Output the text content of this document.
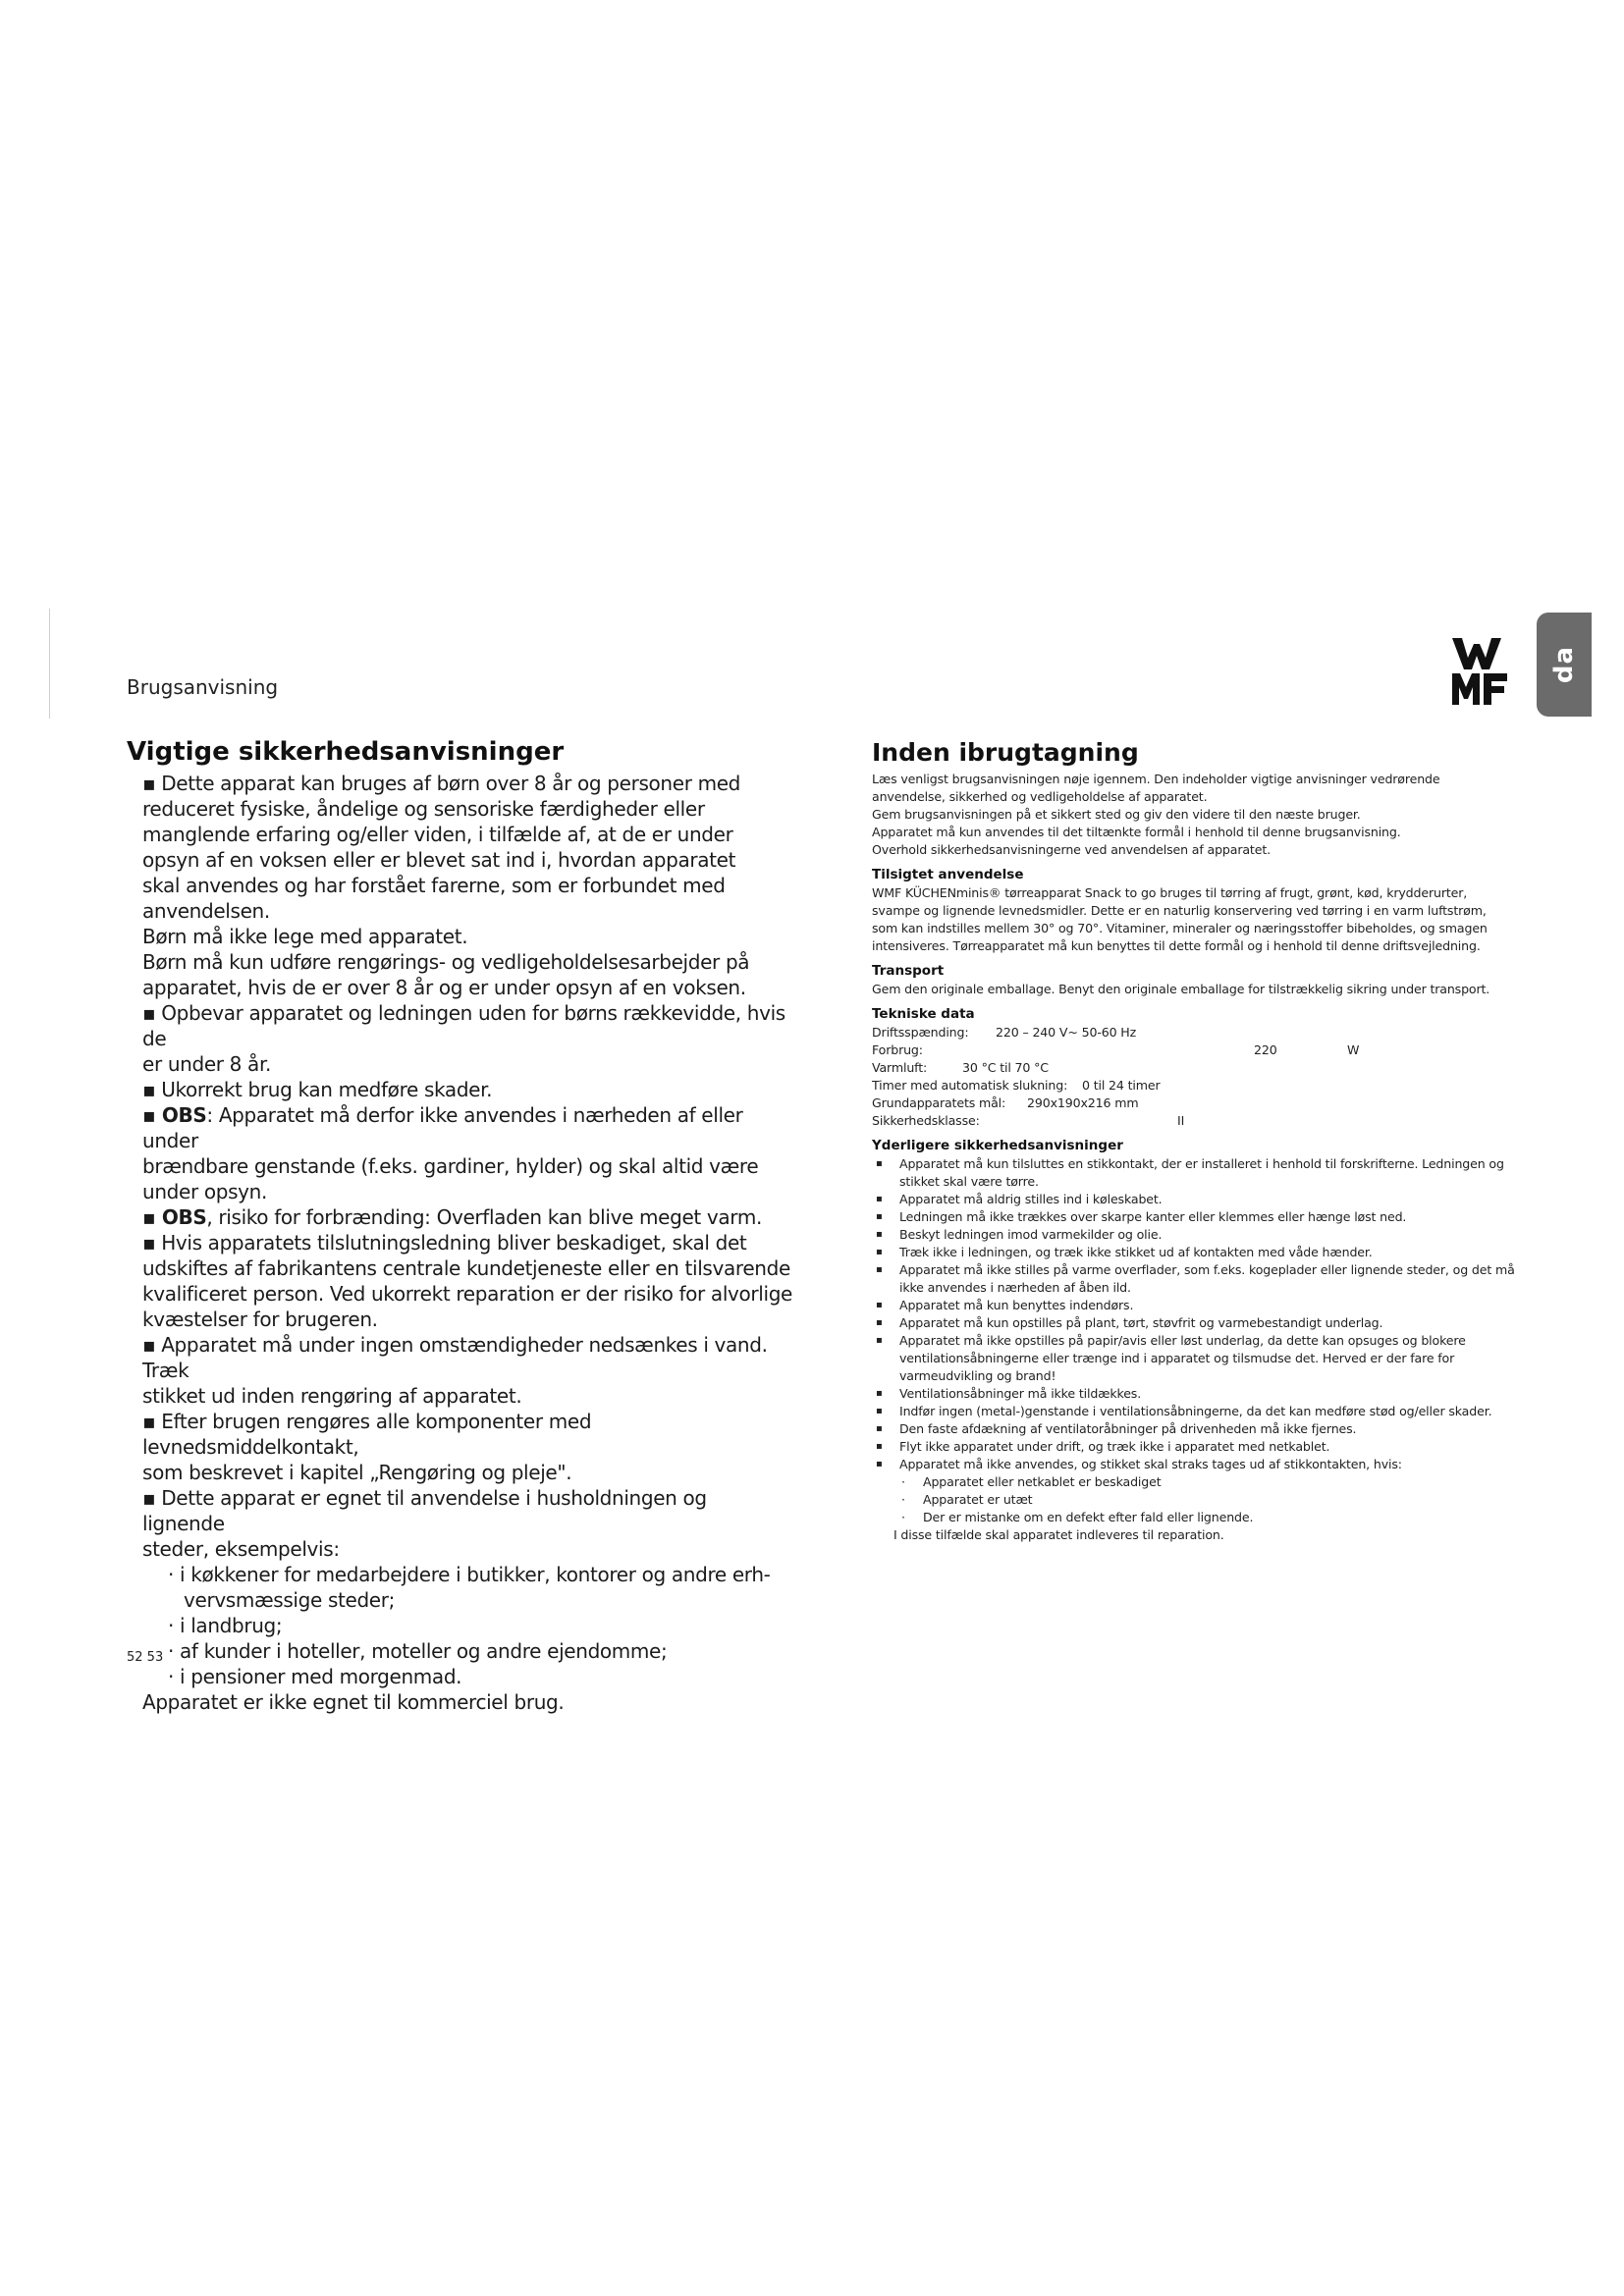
Brugsanvisning
da
Vigtige sikkerhedsanvisninger

▪ Dette apparat kan bruges af børn over 8 år og personer med

reduceret fysiske, åndelige og sensoriske færdigheder eller

manglende erfaring og/eller viden, i tilfælde af, at de er under

opsyn af en voksen eller er blevet sat ind i, hvordan apparatet

skal anvendes og har forstået farerne, som er forbundet med

anvendelsen.

Børn må ikke lege med apparatet.

Børn må kun udføre rengørings- og vedligeholdelsesarbejder på

apparatet, hvis de er over 8 år og er under opsyn af en voksen.

▪ Opbevar apparatet og ledningen uden for børns rækkevidde, hvis de

er under 8 år.

▪ Ukorrekt brug kan medføre skader.

▪ OBS: Apparatet må derfor ikke anvendes i nærheden af eller under

brændbare genstande (f.eks. gardiner, hylder) og skal altid være

under opsyn.

▪ OBS, risiko for forbrænding: Overfladen kan blive meget varm.

▪ Hvis apparatets tilslutningsledning bliver beskadiget, skal det

udskiftes af fabrikantens centrale kundetjeneste eller en tilsvarende

kvalificeret person. Ved ukorrekt reparation er der risiko for alvorlige

kvæstelser for brugeren.

▪ Apparatet må under ingen omstændigheder nedsænkes i vand. Træk

stikket ud inden rengøring af apparatet.

▪ Efter brugen rengøres alle komponenter med levnedsmiddelkontakt,

som beskrevet i kapitel „Rengøring og pleje".

▪ Dette apparat er egnet til anvendelse i husholdningen og lignende

steder, eksempelvis:

· i køkkener for medarbejdere i butikker, kontorer og andre erh-

vervsmæssige steder;

· i landbrug;

· af kunder i hoteller, moteller og andre ejendomme;

· i pensioner med morgenmad.

Apparatet er ikke egnet til kommerciel brug.

Inden ibrugtagning

Læs venligst brugsanvisningen nøje igennem. Den indeholder vigtige anvisninger vedrørende

anvendelse, sikkerhed og vedligeholdelse af apparatet.

Gem brugsanvisningen på et sikkert sted og giv den videre til den næste bruger.

Apparatet må kun anvendes til det tiltænkte formål i henhold til denne brugsanvisning.

Overhold sikkerhedsanvisningerne ved anvendelsen af apparatet.

Tilsigtet anvendelse

WMF KÜCHENminis® tørreapparat Snack to go bruges til tørring af frugt, grønt, kød, krydderurter,

svampe og lignende levnedsmidler. Dette er en naturlig konservering ved tørring i en varm luftstrøm,

som kan indstilles mellem 30° og 70°. Vitaminer, mineraler og næringsstoffer bibeholdes, og smagen

intensiveres. Tørreapparatet må kun benyttes til dette formål og i henhold til denne driftsvejledning.

Transport

Gem den originale emballage. Benyt den originale emballage for tilstrækkelig sikring under transport.

Tekniske data
Driftsspænding: 220 – 240 V~ 50-60 Hz
Forbrug:	220	W
Varmluft:	30 °C til 70 °C
Timer med automatisk slukning: 0 til 24 timer
Grundapparatets mål: 290x190x216 mm
Sikkerhedsklasse:	II
Yderligere sikkerhedsanvisninger
▪ Apparatet må kun tilsluttes en stikkontakt, der er installeret i henhold til forskrifterne. Ledningen og stikket skal være tørre.
▪ Apparatet må aldrig stilles ind i køleskabet.
▪ Ledningen må ikke trækkes over skarpe kanter eller klemmes eller hænge løst ned.
▪ Beskyt ledningen imod varmekilder og olie.
▪ Træk ikke i ledningen, og træk ikke stikket ud af kontakten med våde hænder.
▪ Apparatet må ikke stilles på varme overflader, som f.eks. kogeplader eller lignende steder, og det må ikke anvendes i nærheden af åben ild.
▪ Apparatet må kun benyttes indendørs.
▪ Apparatet må kun opstilles på plant, tørt, støvfrit og varmebestandigt underlag.
▪ Apparatet må ikke opstilles på papir/avis eller løst underlag, da dette kan opsuges og blokere ventilationsåbningerne eller trænge ind i apparatet og tilsmudse det. Herved er der fare for varmeudvikling og brand!
▪ Ventilationsåbninger må ikke tildækkes.
▪ Indfør ingen (metal-)genstande i ventilationsåbningerne, da det kan medføre stød og/eller skader.
▪ Den faste afdækning af ventilatoråbninger på drivenheden må ikke fjernes.
▪ Flyt ikke apparatet under drift, og træk ikke i apparatet med netkablet.
▪ Apparatet må ikke anvendes, og stikket skal straks tages ud af stikkontakten, hvis:
· Apparatet eller netkablet er beskadiget
· Apparatet er utæt
· Der er mistanke om en defekt efter fald eller lignende.

I disse tilfælde skal apparatet indleveres til reparation.

52 53
